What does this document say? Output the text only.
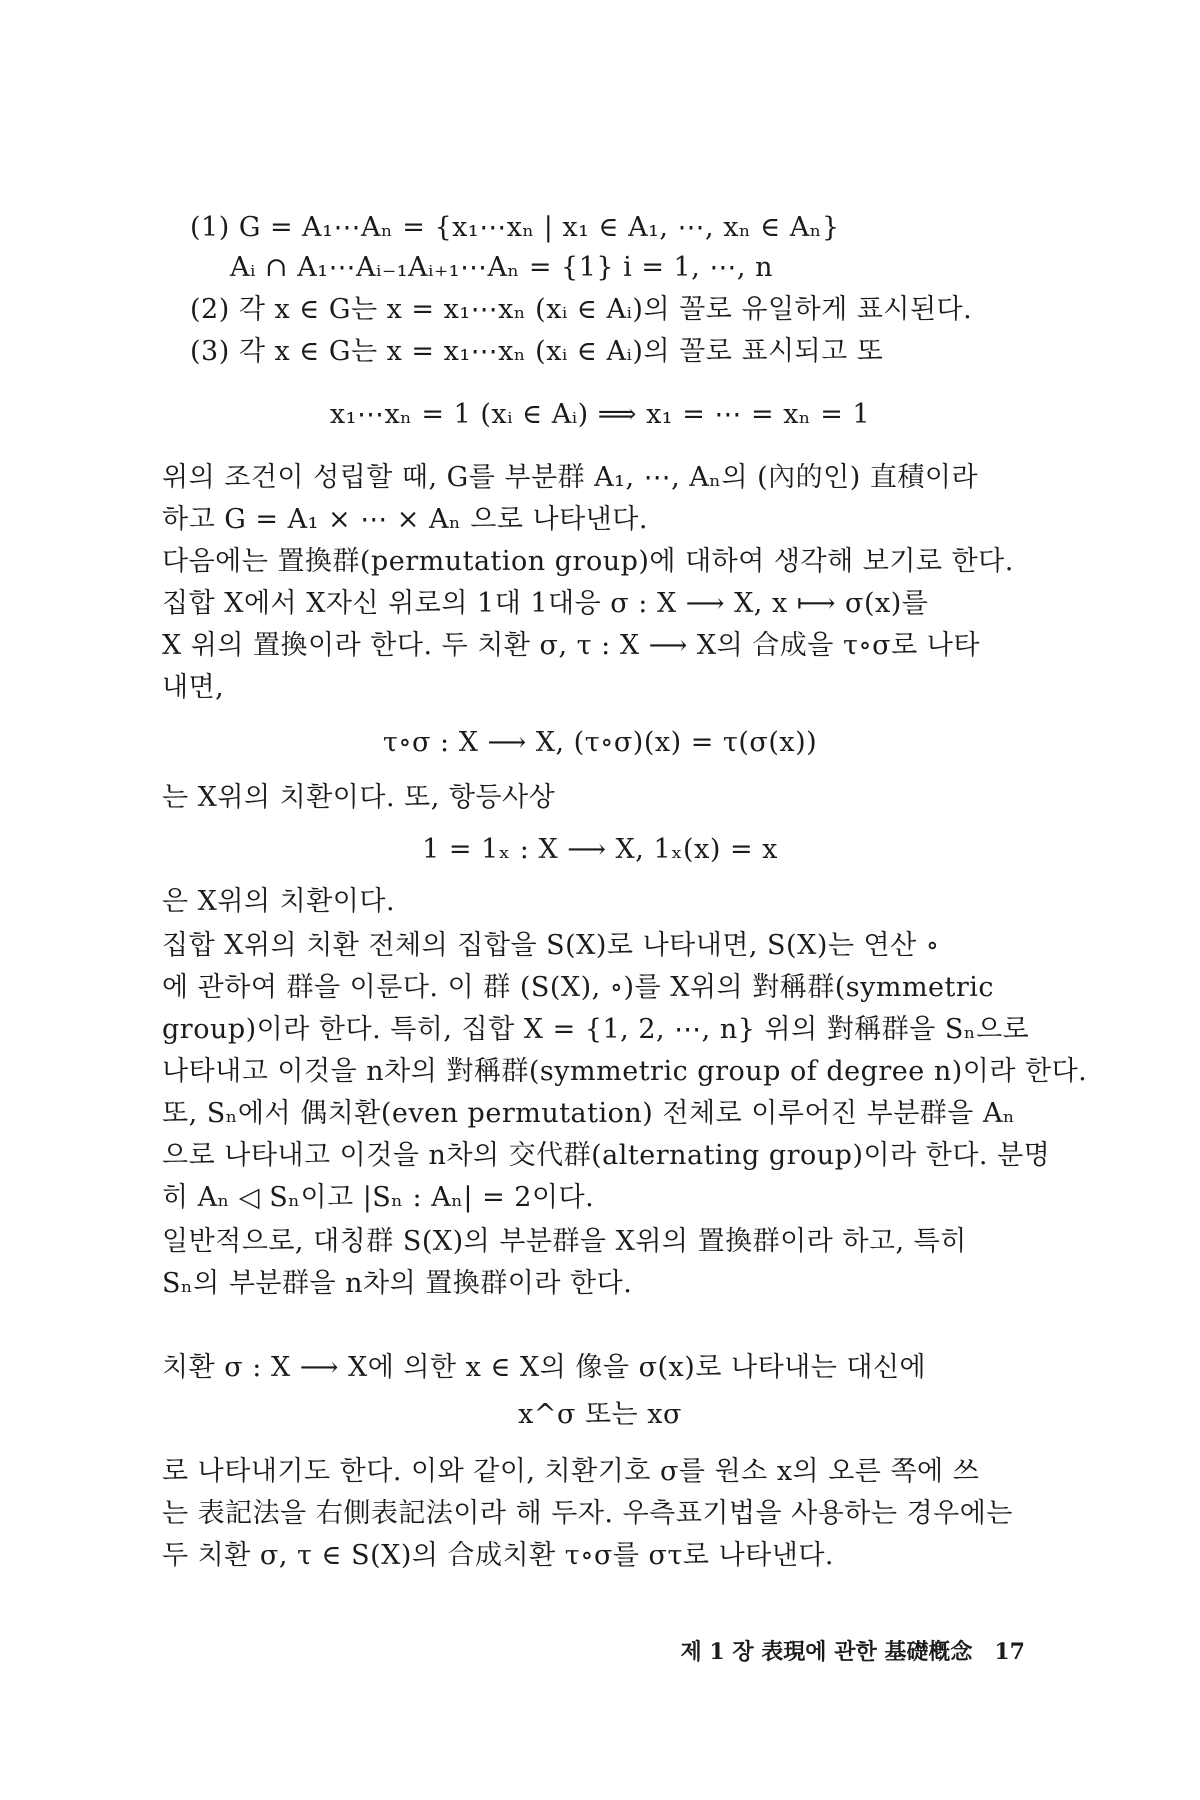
(1) G = A₁⋯Aₙ = {x₁⋯xₙ | x₁ ∈ A₁, ⋯, xₙ ∈ Aₙ}
Aᵢ ∩ A₁⋯Aᵢ₋₁Aᵢ₊₁⋯Aₙ = {1} i = 1, ⋯, n
(2) 각 x ∈ G는 x = x₁⋯xₙ (xᵢ ∈ Aᵢ)의 꼴로 유일하게 표시된다.
(3) 각 x ∈ G는 x = x₁⋯xₙ (xᵢ ∈ Aᵢ)의 꼴로 표시되고 또
x₁⋯xₙ = 1 (xᵢ ∈ Aᵢ) ⟹ x₁ = ⋯ = xₙ = 1
위의 조건이 성립할 때, G를 부분群 A₁, ⋯, Aₙ의 (內的인) 直積이라
하고 G = A₁ × ⋯ × Aₙ 으로 나타낸다.
다음에는 置換群(permutation group)에 대하여 생각해 보기로 한다.
집합 X에서 X자신 위로의 1대 1대응 σ : X ⟶ X, x ⟼ σ(x)를
X 위의 置換이라 한다. 두 치환 σ, τ : X ⟶ X의 合成을 τ∘σ로 나타
내면,
τ∘σ : X ⟶ X, (τ∘σ)(x) = τ(σ(x))
는 X위의 치환이다. 또, 항등사상
1 = 1ₓ : X ⟶ X, 1ₓ(x) = x
은 X위의 치환이다.
집합 X위의 치환 전체의 집합을 S(X)로 나타내면, S(X)는 연산 ∘
에 관하여 群을 이룬다. 이 群 (S(X), ∘)를 X위의 對稱群(symmetric
group)이라 한다. 특히, 집합 X = {1, 2, ⋯, n} 위의 對稱群을 Sₙ으로
나타내고 이것을 n차의 對稱群(symmetric group of degree n)이라 한다.
또, Sₙ에서 偶치환(even permutation) 전체로 이루어진 부분群을 Aₙ
으로 나타내고 이것을 n차의 交代群(alternating group)이라 한다. 분명
히 Aₙ ◁ Sₙ이고 |Sₙ : Aₙ| = 2이다.
일반적으로, 대칭群 S(X)의 부분群을 X위의 置換群이라 하고, 특히
Sₙ의 부분群을 n차의 置換群이라 한다.
치환 σ : X ⟶ X에 의한 x ∈ X의 像을 σ(x)로 나타내는 대신에
x^σ 또는 xσ
로 나타내기도 한다. 이와 같이, 치환기호 σ를 원소 x의 오른 쪽에 쓰
는 表記法을 右側表記法이라 해 두자. 우측표기법을 사용하는 경우에는
두 치환 σ, τ ∈ S(X)의 合成치환 τ∘σ를 στ로 나타낸다.
제 1 장 表現에 관한 基礎槪念 17
